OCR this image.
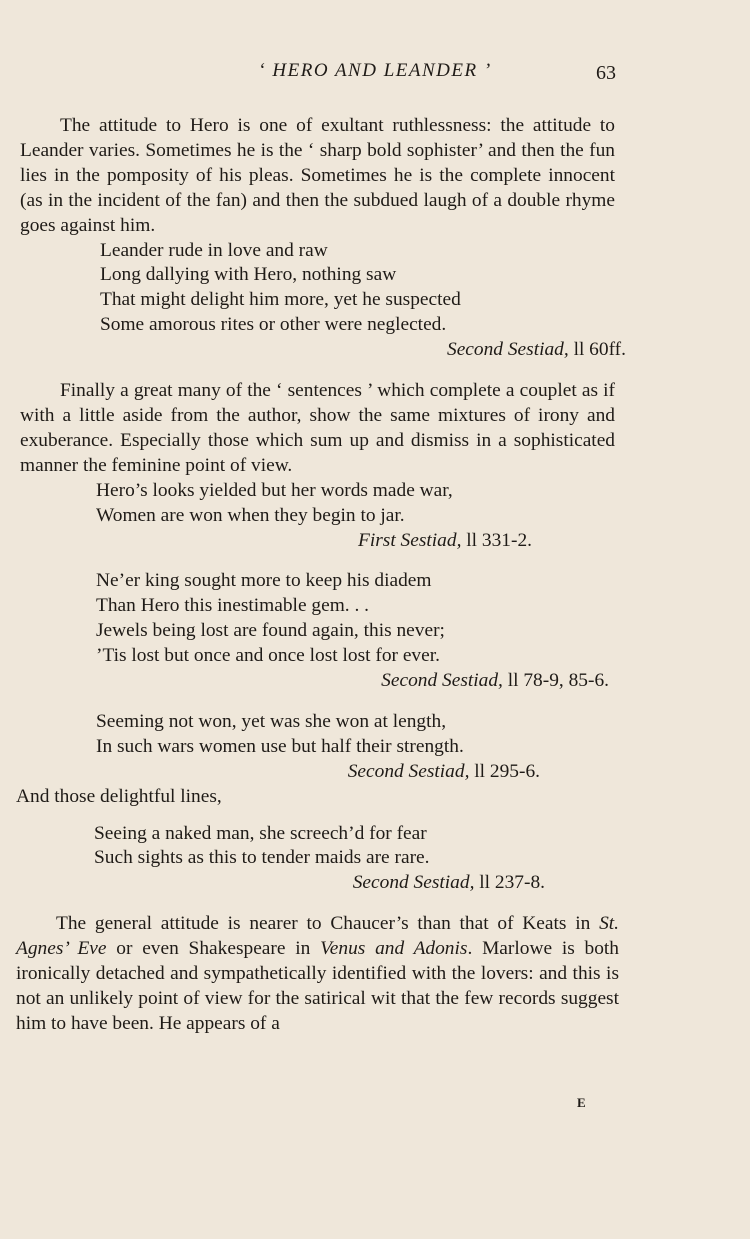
‘ HERO AND LEANDER ’	63

The attitude to Hero is one of exultant ruthlessness: the attitude to Leander varies. Sometimes he is the ‘ sharp bold sophister’ and then the fun lies in the pomposity of his pleas. Sometimes he is the complete innocent (as in the incident of the fan) and then the subdued laugh of a double rhyme goes against him.

Leander rude in love and raw
Long dallying with Hero, nothing saw
That might delight him more, yet he suspected
Some amorous rites or other were neglected.
Second Sestiad, ll 60ff.

Finally a great many of the ‘ sentences ’ which complete a couplet as if with a little aside from the author, show the same mixtures of irony and exuberance. Especially those which sum up and dismiss in a sophisticated manner the feminine point of view.

Hero’s looks yielded but her words made war,
Women are won when they begin to jar.
First Sestiad, ll 331-2.
Ne’er king sought more to keep his diadem
Than Hero this inestimable gem. . .
Jewels being lost are found again, this never;
’Tis lost but once and once lost lost for ever.
Second Sestiad, ll 78-9, 85-6.
Seeming not won, yet was she won at length,
In such wars women use but half their strength.
Second Sestiad, ll 295-6.

And those delightful lines,

Seeing a naked man, she screech’d for fear
Such sights as this to tender maids are rare.
Second Sestiad, ll 237-8.

The general attitude is nearer to Chaucer’s than that of Keats in St. Agnes’ Eve or even Shakespeare in Venus and Adonis. Marlowe is both ironically detached and sympathetically identified with the lovers: and this is not an unlikely point of view for the satirical wit that the few records suggest him to have been. He appears of a

E
